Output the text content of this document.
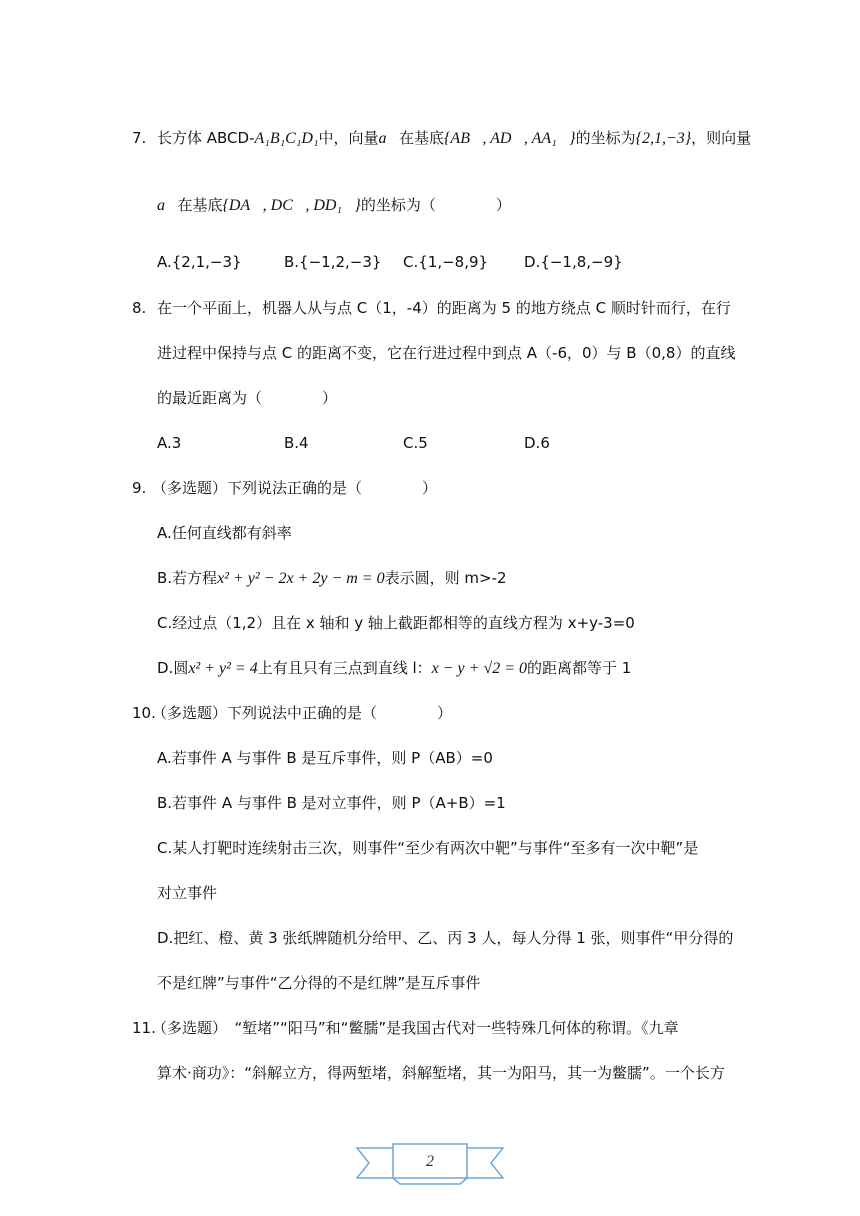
7. 长方体 ABCD-A₁B₁C₁D₁中，向量a⃗在基底{AB⃗, AD⃗, AA₁⃗}的坐标为{2,1,−3}，则向量
a⃗在基底{DA⃗, DC⃗, DD₁⃗}的坐标为（　　　　）
A.{2,1,−3}	B.{−1,2,−3} C.{1,−8,9} D.{−1,8,−9}
8. 在一个平面上，机器人从与点 C（1，-4）的距离为 5 的地方绕点 C 顺时针而行，在行
进过程中保持与点 C 的距离不变，它在行进过程中到点 A（-6，0）与 B（0,8）的直线
的最近距离为（　　　　）
A.3	B.4	C.5	D.6
9. （多选题）下列说法正确的是（　　　　）
A.任何直线都有斜率
B.若方程x² + y² − 2x + 2y − m = 0表示圆，则 m>-2
C.经过点（1,2）且在 x 轴和 y 轴上截距都相等的直线方程为 x+y-3=0
D.圆x² + y² = 4上有且只有三点到直线 l：x − y + √2 = 0的距离都等于 1
10.
（多选题）下列说法中正确的是（　　　　）
A.若事件 A 与事件 B 是互斥事件，则 P（AB）=0
B.若事件 A 与事件 B 是对立事件，则 P（A+B）=1
C.某人打靶时连续射击三次，则事件“至少有两次中靶”与事件“至多有一次中靶”是
对立事件
D.把红、橙、黄 3 张纸牌随机分给甲、乙、丙 3 人，每人分得 1 张，则事件“甲分得的
不是红牌”与事件“乙分得的不是红牌”是互斥事件
11.
（多选题）　“堑堵”“阳马”和“鳖臑”是我国古代对一些特殊几何体的称谓。《九章
算术·商功》：“斜解立方，得两堑堵，斜解堑堵，其一为阳马，其一为鳖臑”。一个长方
2
